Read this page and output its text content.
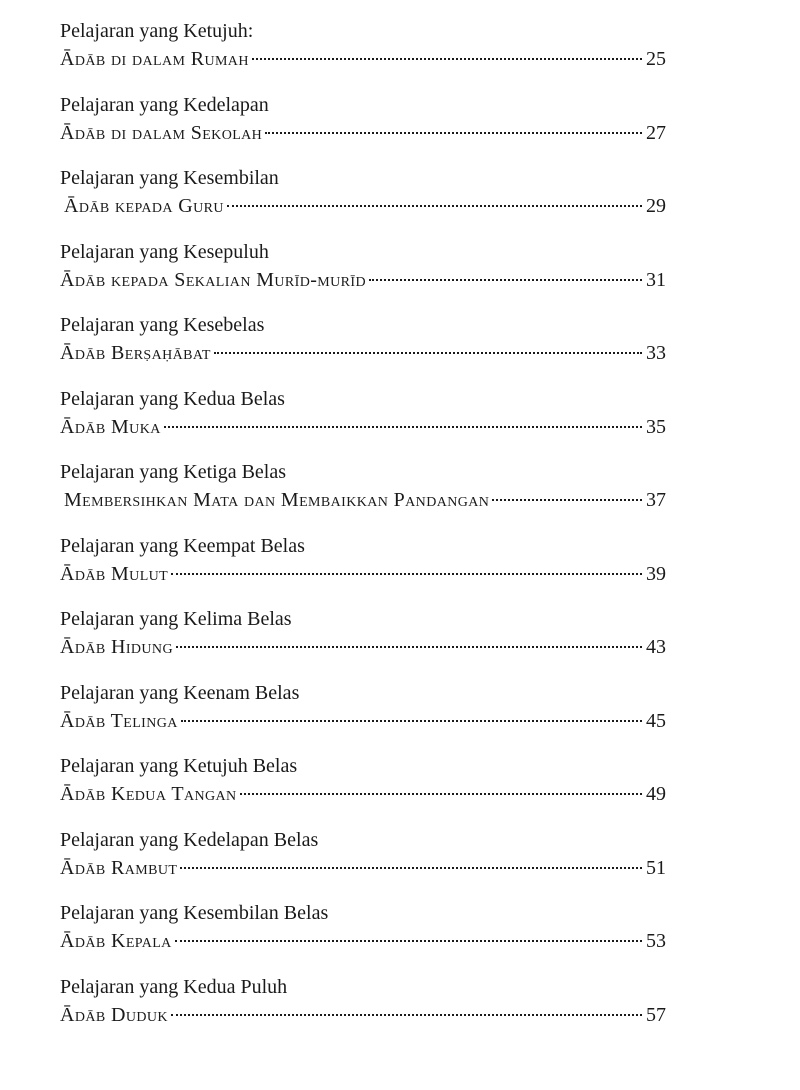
Pelajaran yang Ketujuh:
Ādāb di dalam Rumah	25
Pelajaran yang Kedelapan
Ādāb di dalam Sekolah	27
Pelajaran yang Kesembilan
Ādāb kepada Guru	29
Pelajaran yang Kesepuluh
Ādāb kepada Sekalian Murīd-murīd	31
Pelajaran yang Kesebelas
Ādāb Berṣaḥābat	33
Pelajaran yang Kedua Belas
Ādāb Muka	35
Pelajaran yang Ketiga Belas
Membersihkan Mata dan Membaikkan Pandangan	37
Pelajaran yang Keempat Belas
Ādāb Mulut	39
Pelajaran yang Kelima Belas
Ādāb Hidung	43
Pelajaran yang Keenam Belas
Ādāb Telinga	45
Pelajaran yang Ketujuh Belas
Ādāb Kedua Tangan	49
Pelajaran yang Kedelapan Belas
Ādāb Rambut	51
Pelajaran yang Kesembilan Belas
Ādāb Kepala	53
Pelajaran yang Kedua Puluh
Ādāb Duduk	57
